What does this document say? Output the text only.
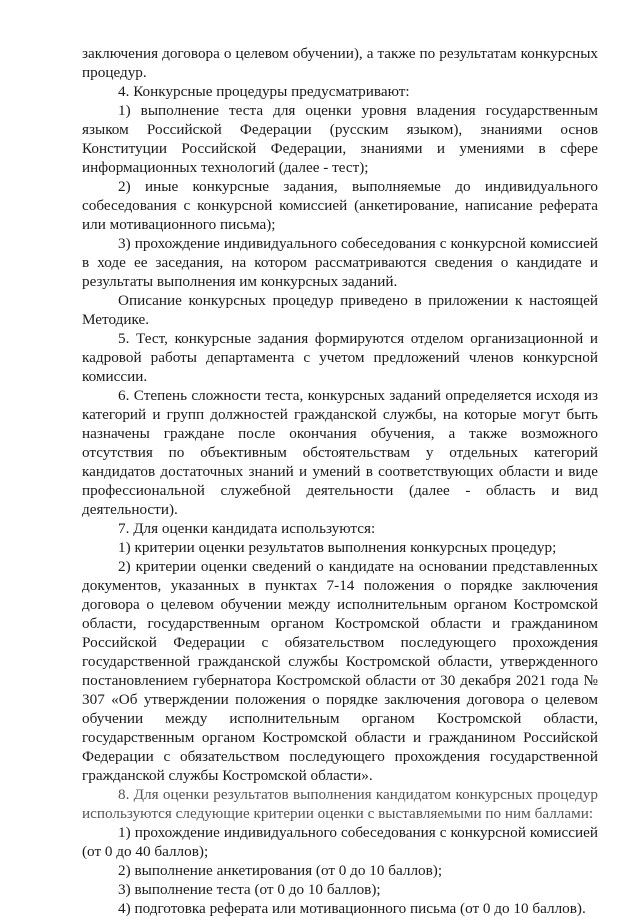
заключения договора о целевом обучении), а также по результатам конкурсных процедур.

4. Конкурсные процедуры предусматривают:

1) выполнение теста для оценки уровня владения государственным языком Российской Федерации (русским языком), знаниями основ Конституции Российской Федерации, знаниями и умениями в сфере информационных технологий (далее - тест);

2) иные конкурсные задания, выполняемые до индивидуального собеседования с конкурсной комиссией (анкетирование, написание реферата или мотивационного письма);

3) прохождение индивидуального собеседования с конкурсной комиссией в ходе ее заседания, на котором рассматриваются сведения о кандидате и результаты выполнения им конкурсных заданий.

Описание конкурсных процедур приведено в приложении к настоящей Методике.

5. Тест, конкурсные задания формируются отделом организационной и кадровой работы департамента с учетом предложений членов конкурсной комиссии.

6. Степень сложности теста, конкурсных заданий определяется исходя из категорий и групп должностей гражданской службы, на которые могут быть назначены граждане после окончания обучения, а также возможного отсутствия по объективным обстоятельствам у отдельных категорий кандидатов достаточных знаний и умений в соответствующих области и виде профессиональной служебной деятельности (далее - область и вид деятельности).

7. Для оценки кандидата используются:

1) критерии оценки результатов выполнения конкурсных процедур;

2) критерии оценки сведений о кандидате на основании представленных документов, указанных в пунктах 7-14 положения о порядке заключения договора о целевом обучении между исполнительным органом Костромской области, государственным органом Костромской области и гражданином Российской Федерации с обязательством последующего прохождения государственной гражданской службы Костромской области, утвержденного постановлением губернатора Костромской области от 30 декабря 2021 года № 307 «Об утверждении положения о порядке заключения договора о целевом обучении между исполнительным органом Костромской области, государственным органом Костромской области и гражданином Российской Федерации с обязательством последующего прохождения государственной гражданской службы Костромской области».

8. Для оценки результатов выполнения кандидатом конкурсных процедур используются следующие критерии оценки с выставляемыми по ним баллами:

1) прохождение индивидуального собеседования с конкурсной комиссией (от 0 до 40 баллов);

2) выполнение анкетирования (от 0 до 10 баллов);

3) выполнение теста (от 0 до 10 баллов);

4) подготовка реферата или мотивационного письма (от 0 до 10 баллов).
